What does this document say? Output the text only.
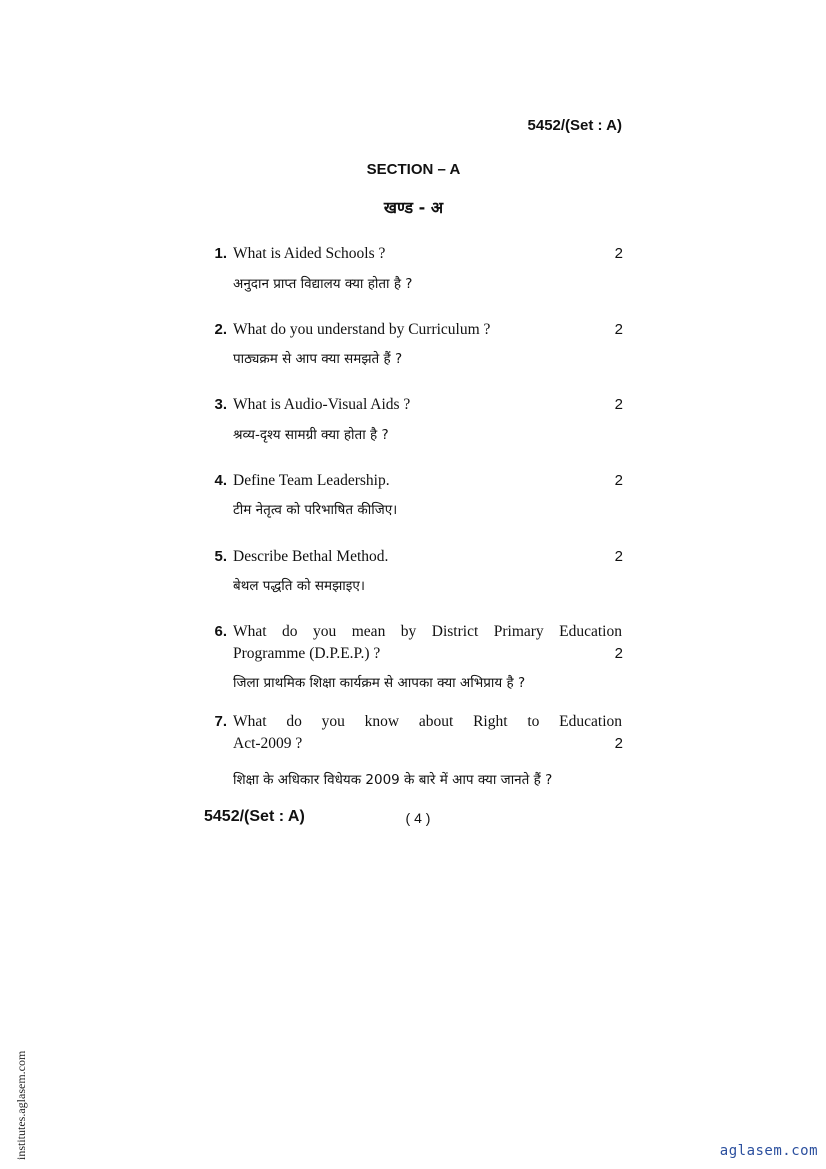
5452/(Set : A)
SECTION – A
खण्ड - अ
1. What is Aided Schools ?	2
अनुदान प्राप्त विद्यालय क्या होता है ?
2. What do you understand by Curriculum ?	2
पाठ्यक्रम से आप क्या समझते हैं ?
3. What is Audio-Visual Aids ?	2
श्रव्य-दृश्य सामग्री क्या होता है ?
4. Define Team Leadership.	2
टीम नेतृत्व को परिभाषित कीजिए।
5. Describe Bethal Method.	2
बेथल पद्धति को समझाइए।
6. What do you mean by District Primary Education
Programme (D.P.E.P.) ?	2
जिला प्राथमिक शिक्षा कार्यक्रम से आपका क्या अभिप्राय है ?
7. What do you know about Right to Education
Act-2009 ?	2
शिक्षा के अधिकार विधेयक 2009 के बारे में आप क्या जानते हैं ?
5452/(Set : A)	( 4 )
institutes.aglasem.com	aglasem.com
